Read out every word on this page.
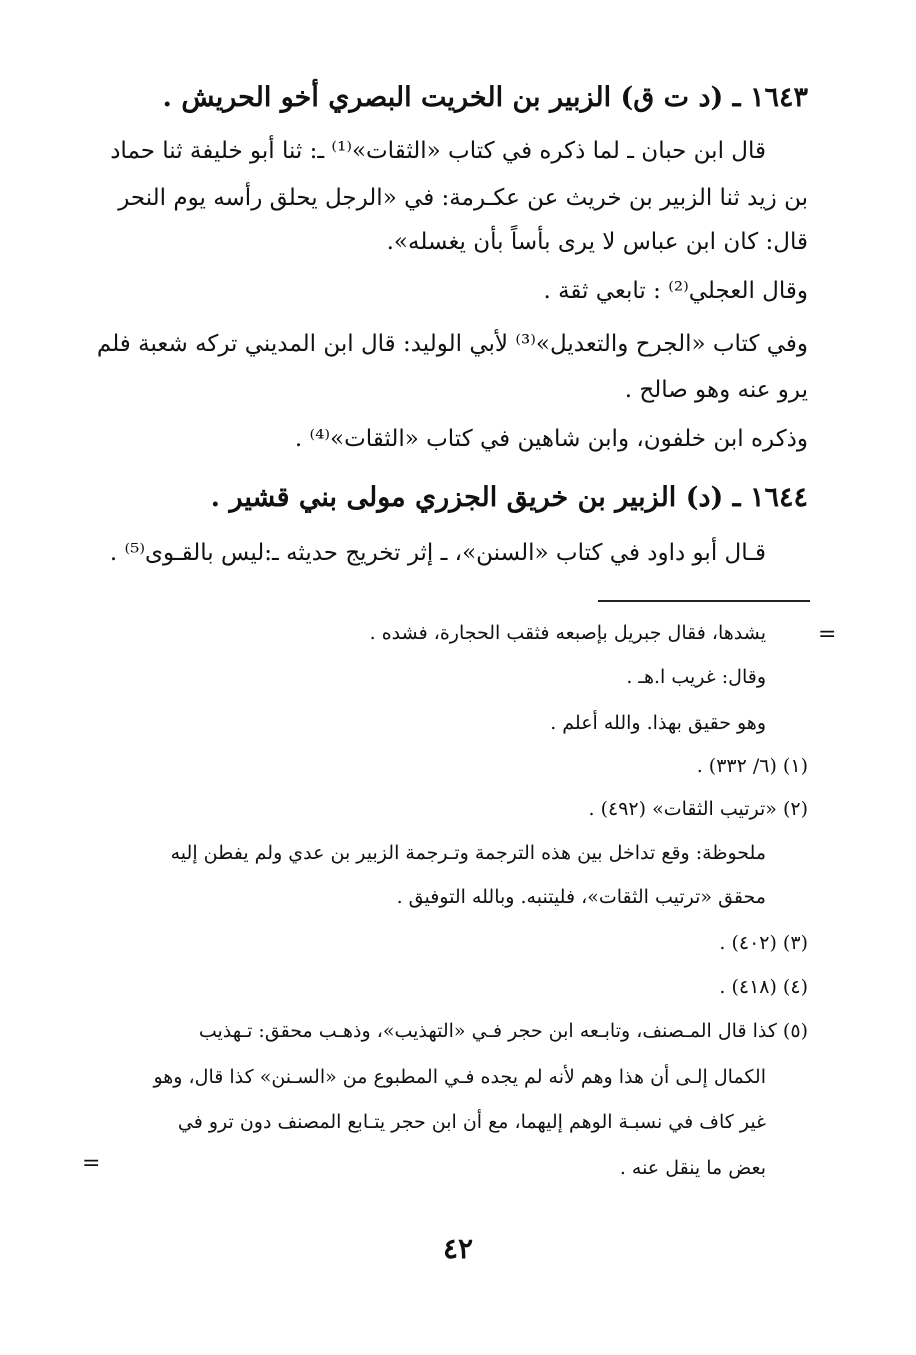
١٦٤٣ ـ (د ت ق) الزبير بن الخريت البصري أخو الحريش .
قال ابن حبان ـ لما ذكره في كتاب «الثقات»⁽¹⁾ ـ: ثنا أبو خليفة ثنا حماد
بن زيد ثنا الزبير بن خريث عن عكـرمة: في «الرجل يحلق رأسه يوم النحر
قال: كان ابن عباس لا يرى بأساً بأن يغسله».
وقال العجلي⁽²⁾ : تابعي ثقة .
وفي كتاب «الجرح والتعديل»⁽³⁾ لأبي الوليد: قال ابن المديني تركه شعبة فلم
يرو عنه وهو صالح .
وذكره ابن خلفون، وابن شاهين في كتاب «الثقات»⁽⁴⁾ .
١٦٤٤ ـ (د) الزبير بن خريق الجزري مولى بني قشير .
قـال أبو داود في كتاب «السنن»، ـ إثر تخريج حديثه ـ:ليس بالقـوى⁽⁵⁾ .
=
=
يشدها، فقال جبريل بإصبعه فثقب الحجارة، فشده .
وقال: غريب ا.هـ .
وهو حقيق بهذا. والله أعلم .
(١) (٦/ ٣٣٢) .
(٢) «ترتيب الثقات» (٤٩٢) .
ملحوظة: وقع تداخل بين هذه الترجمة وتـرجمة الزبير بن عدي ولم يفطن إليه
محقق «ترتيب الثقات»، فليتنبه. وبالله التوفيق .
(٣) (٤٠٢) .
(٤) (٤١٨) .
(٥) كذا قال المـصنف، وتابـعه ابن حجر فـي «التهذيب»، وذهـب محقق: تـهذيب
الكمال إلـى أن هذا وهم لأنه لم يجده فـي المطبوع من «السـنن» كذا قال، وهو
غير كاف في نسبـة الوهم إليهما، مع أن ابن حجر يتـابع المصنف دون ترو في
بعض ما ينقل عنه .
٤٢
